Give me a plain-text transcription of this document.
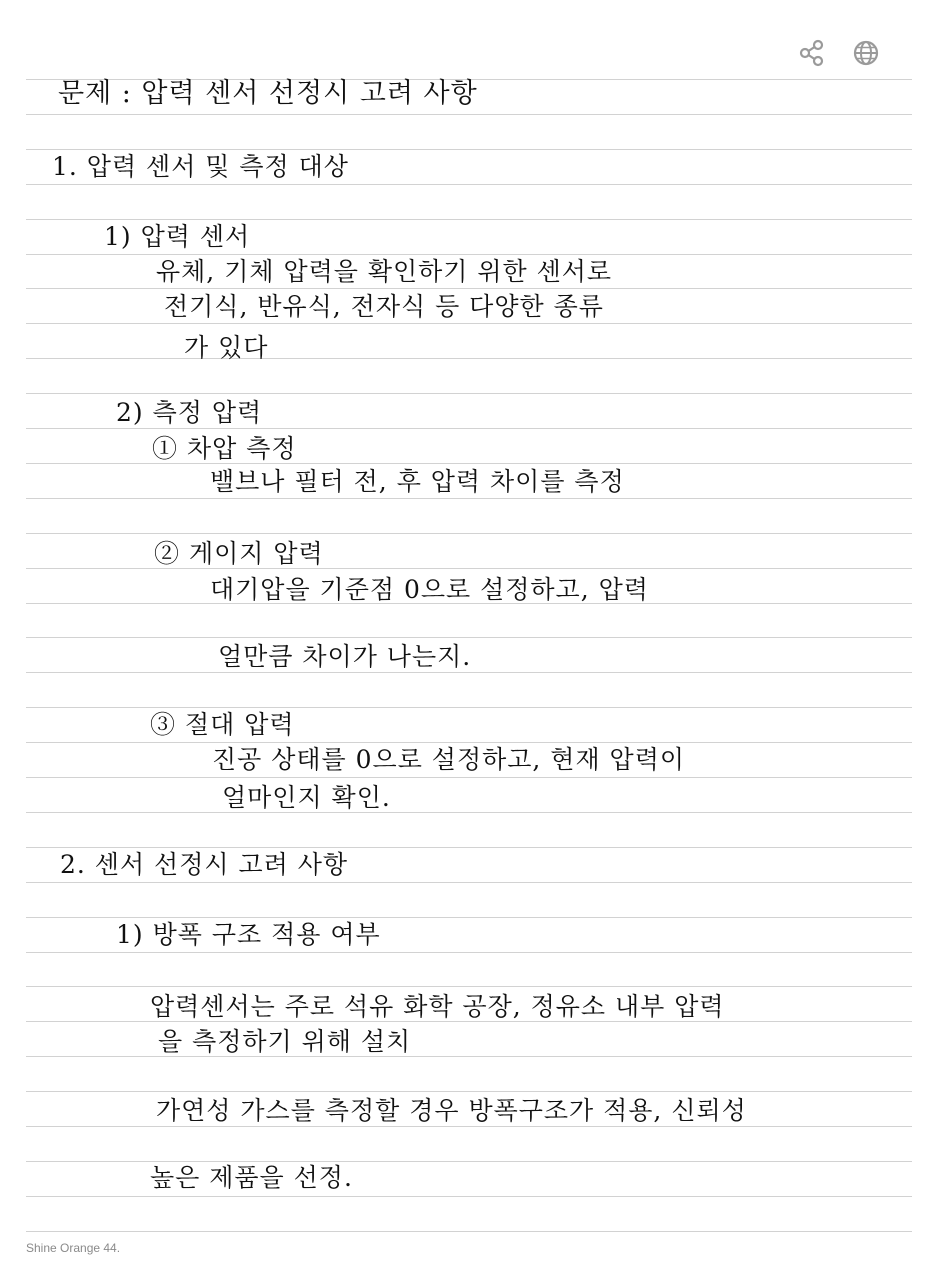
문제 : 압력 센서 선정시 고려 사항
1. 압력 센서 및 측정 대상
1) 압력 센서
유체, 기체 압력을 확인하기 위한 센서로
전기식, 반유식, 전자식 등 다양한 종류
가 있다
2) 측정 압력
① 차압 측정
밸브나 필터 전, 후 압력 차이를 측정
② 게이지 압력
대기압을 기준점 0으로 설정하고, 압력
얼만큼 차이가 나는지.
③ 절대 압력
진공 상태를 0으로 설정하고, 현재 압력이
얼마인지 확인.
2. 센서 선정시 고려 사항
1) 방폭 구조 적용 여부
압력센서는 주로 석유 화학 공장, 정유소 내부 압력
을 측정하기 위해 설치
가연성 가스를 측정할 경우 방폭구조가 적용, 신뢰성
높은 제품을 선정.
Shine Orange 44.
